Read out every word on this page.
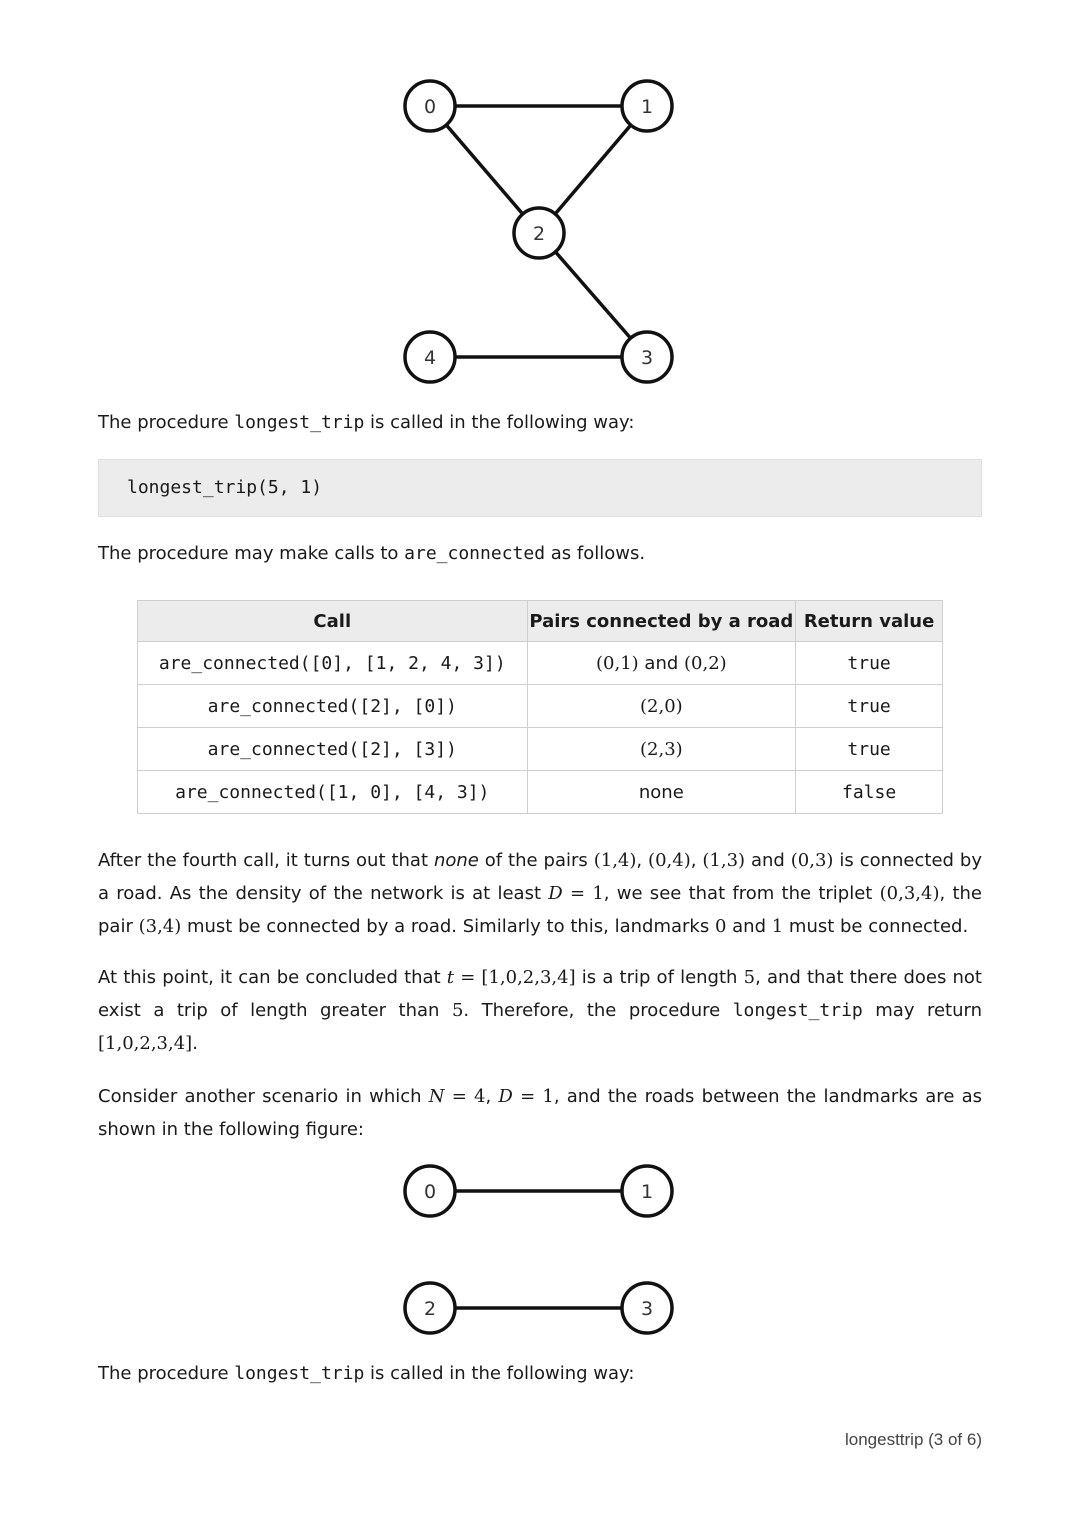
0	1
2
3
4

The procedure longest_trip is called in the following way:

longest_trip(5, 1)

The procedure may make calls to are_connected as follows.

Call	Pairs connected by a road	Return value
are_connected([0], [1, 2, 4, 3])	(0,1) and (0,2)	true
are_connected([2], [0])	(2,0)	true
are_connected([2], [3])	(2,3)	true
are_connected([1, 0], [4, 3])	none	false

After the fourth call, it turns out that none of the pairs (1,4), (0,4), (1,3) and (0,3) is connected by a road. As the density of the network is at least D = 1, we see that from the triplet (0,3,4), the pair (3,4) must be connected by a road. Similarly to this, landmarks 0 and 1 must be connected.

At this point, it can be concluded that t = [1,0,2,3,4] is a trip of length 5, and that there does not exist a trip of length greater than 5. Therefore, the procedure longest_trip may return [1,0,2,3,4].

Consider another scenario in which N = 4, D = 1, and the roads between the landmarks are as shown in the following figure:

0	1
2	3

The procedure longest_trip is called in the following way:

longesttrip (3 of 6)
